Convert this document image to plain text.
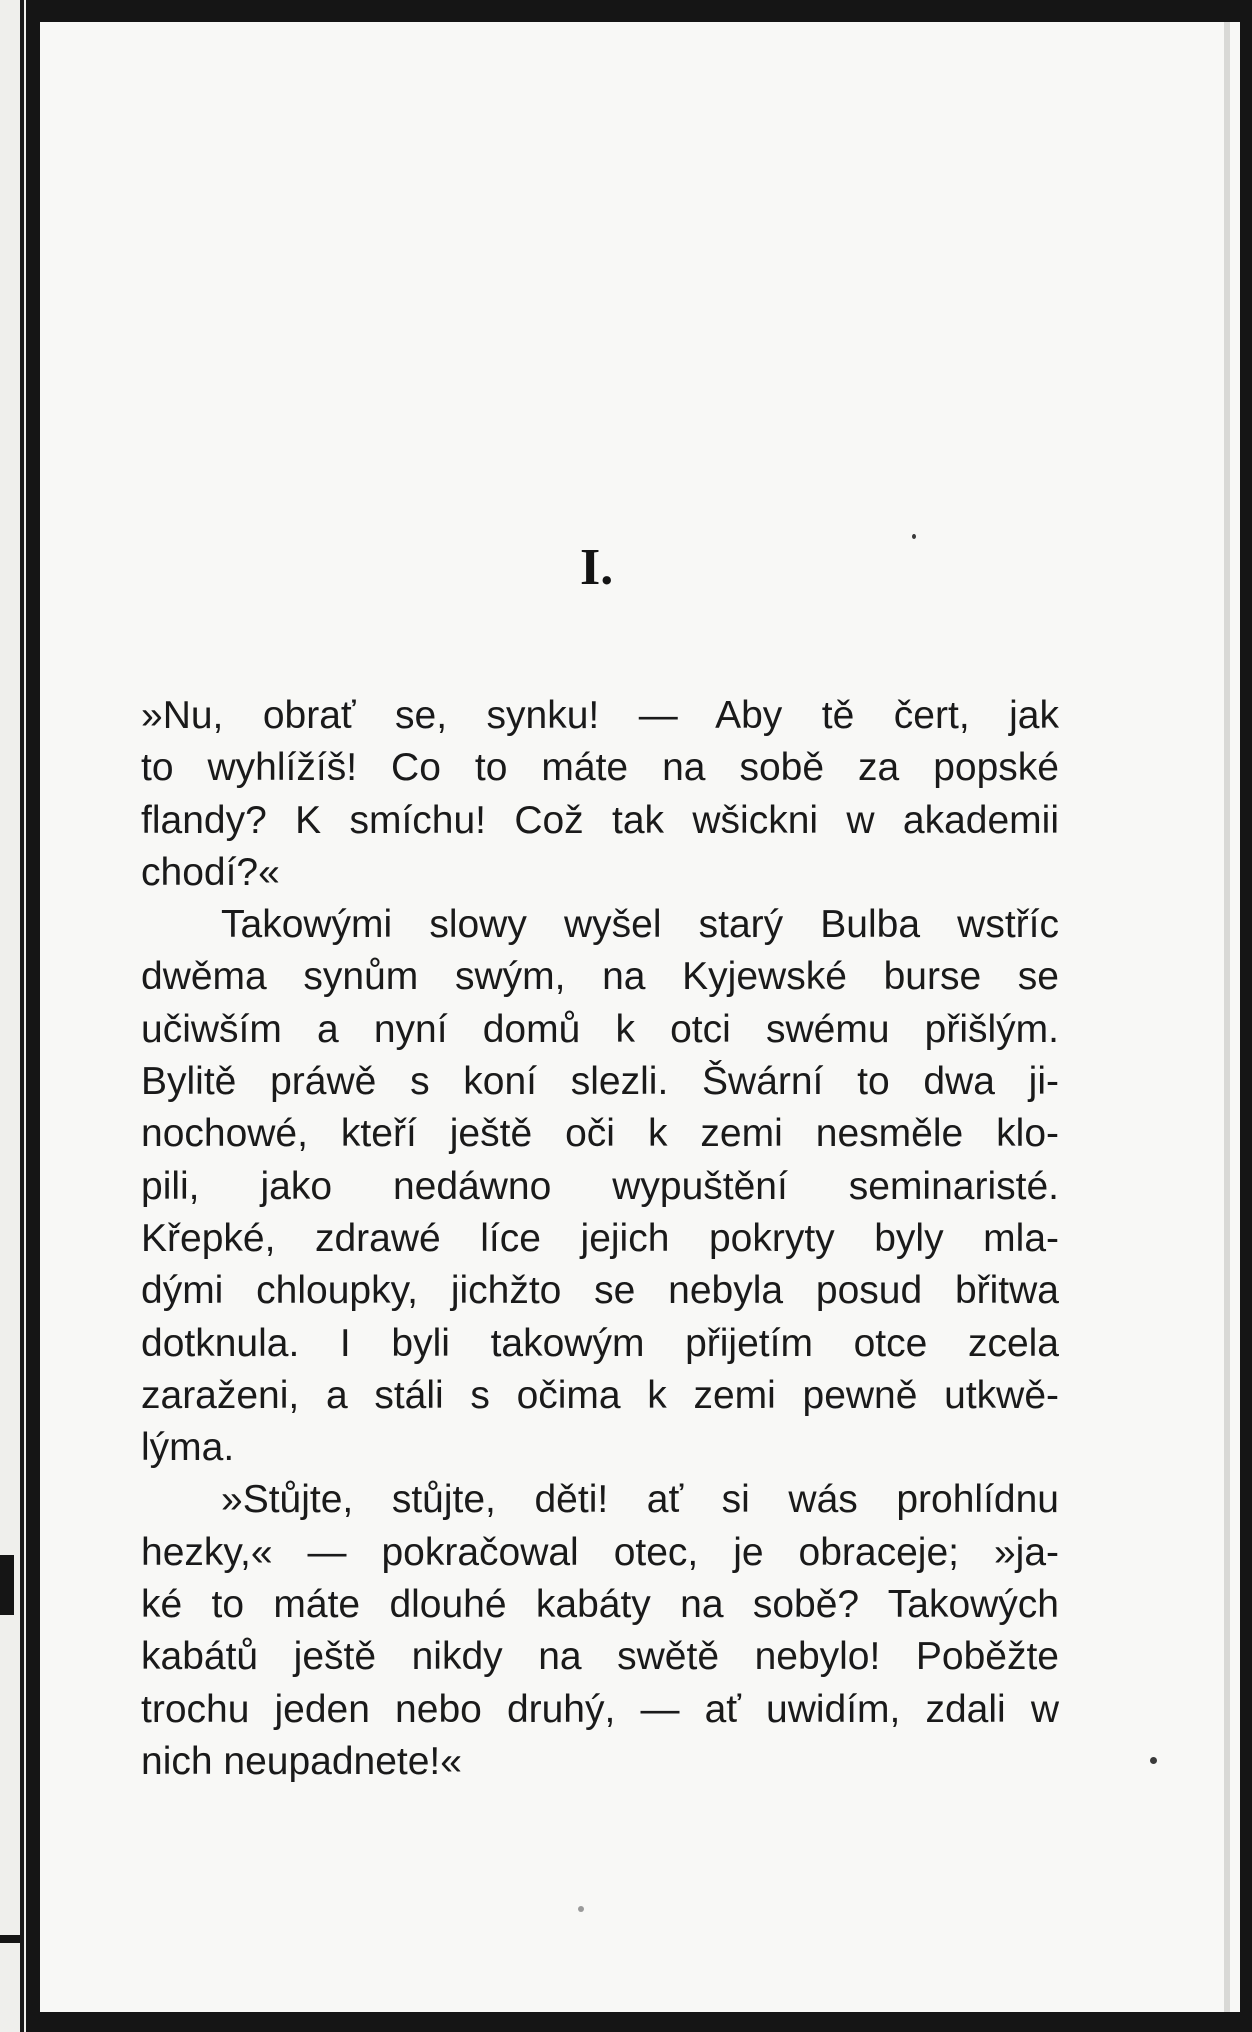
I.
»Nu, obrať se, synku! — Aby tě čert, jak
to wyhlížíš! Co to máte na sobě za popské
flandy? K smíchu! Což tak wšickni w akademii
chodí?«
Takowými slowy wyšel starý Bulba wstříc
dwěma synům swým, na Kyjewské burse se
učiwším a nyní domů k otci swému přišlým.
Bylitě práwě s koní slezli. Šwární to dwa ji-
nochowé, kteří ještě oči k zemi nesměle klo-
pili, jako nedáwno wypuštění seminaristé.
Křepké, zdrawé líce jejich pokryty byly mla-
dými chloupky, jichžto se nebyla posud břitwa
dotknula. I byli takowým přijetím otce zcela
zaraženi, a stáli s očima k zemi pewně utkwě-
lýma.
»Stůjte, stůjte, děti! ať si wás prohlídnu
hezky,« — pokračowal otec, je obraceje; »ja-
ké to máte dlouhé kabáty na sobě? Takowých
kabátů ještě nikdy na swětě nebylo! Poběžte
trochu jeden nebo druhý, — ať uwidím, zdali w
nich neupadnete!«
